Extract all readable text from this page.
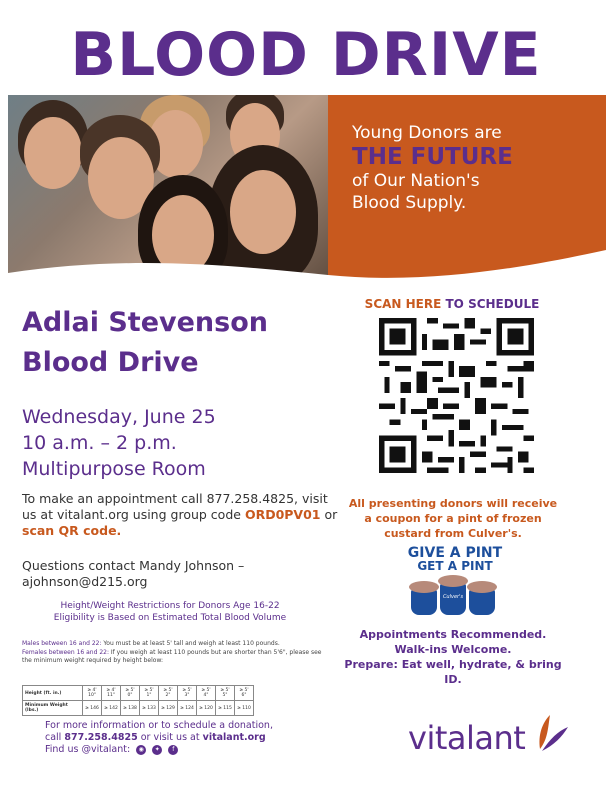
BLOOD DRIVE
Young Donors are
THE FUTURE
of Our Nation's
Blood Supply.
Adlai Stevenson
Blood Drive
Wednesday, June 25
10 a.m. – 2 p.m.
Multipurpose Room
To make an appointment call 877.258.4825, visit us at vitalant.org using group code ORD0PV01 or scan QR code.
Questions contact Mandy Johnson –
ajohnson@d215.org
Height/Weight Restrictions for Donors Age 16-22
Eligibility is Based on Estimated Total Blood Volume

Males between 16 and 22: You must be at least 5' tall and weigh at least 110 pounds.

Females between 16 and 22: If you weigh at least 110 pounds but are shorter than 5'6", please see the minimum weight required by height below:

Height (ft. in.)	≥ 4' 10"	≥ 4' 11"	≥ 5' 0"	≥ 5' 1"	≥ 5' 2"	≥ 5' 3"	≥ 5' 4"	≥ 5' 5"	≥ 5' 6"
Minimum Weight (lbs.)	≥ 146	≥ 142	≥ 138	≥ 133	≥ 129	≥ 124	≥ 120	≥ 115	≥ 110
For more information or to schedule a donation,
call 877.258.4825 or visit us at vitalant.org
Find us @vitalant: ◉ ✦ f
SCAN HERE TO SCHEDULE
All presenting donors will receive a coupon for a pint of frozen custard from Culver's.
GIVE A PINT
GET A PINT
Culver's
Appointments Recommended.
Walk-ins Welcome.
Prepare: Eat well, hydrate, & bring ID.
vitalant
